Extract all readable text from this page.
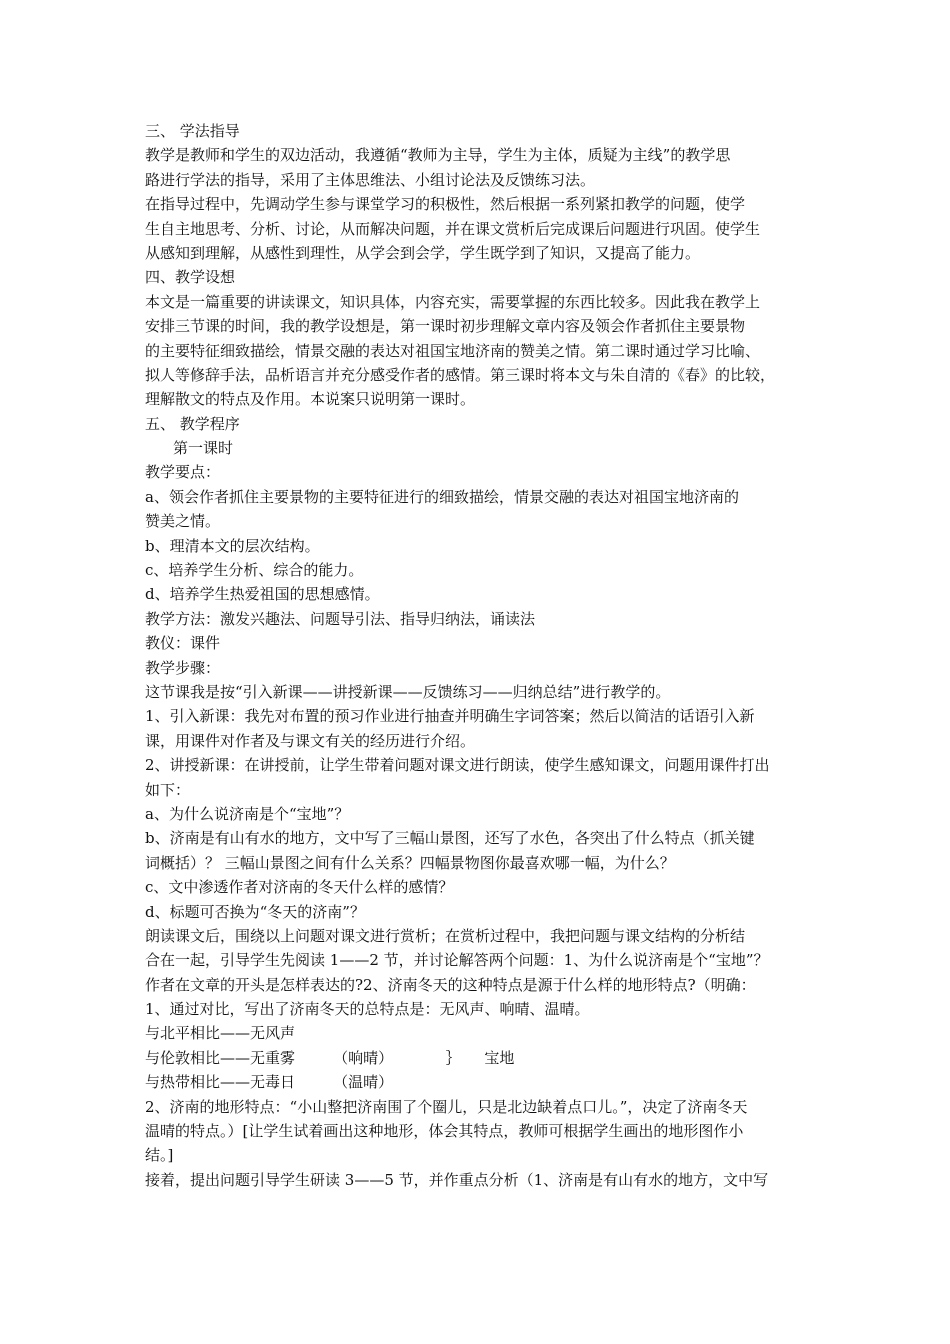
三、 学法指导
教学是教师和学生的双边活动，我遵循“教师为主导，学生为主体，质疑为主线”的教学思
路进行学法的指导，采用了主体思维法、小组讨论法及反馈练习法。
在指导过程中，先调动学生参与课堂学习的积极性，然后根据一系列紧扣教学的问题，使学
生自主地思考、分析、讨论，从而解决问题，并在课文赏析后完成课后问题进行巩固。使学生
从感知到理解，从感性到理性，从学会到会学，学生既学到了知识，又提高了能力。
四、教学设想
本文是一篇重要的讲读课文，知识具体，内容充实，需要掌握的东西比较多。因此我在教学上
安排三节课的时间，我的教学设想是，第一课时初步理解文章内容及领会作者抓住主要景物
的主要特征细致描绘，情景交融的表达对祖国宝地济南的赞美之情。第二课时通过学习比喻、
拟人等修辞手法，品析语言并充分感受作者的感情。第三课时将本文与朱自清的《春》的比较，
理解散文的特点及作用。本说案只说明第一课时。
五、 教学程序
第一课时
教学要点：
a、领会作者抓住主要景物的主要特征进行的细致描绘，情景交融的表达对祖国宝地济南的
赞美之情。
b、理清本文的层次结构。
c、培养学生分析、综合的能力。
d、培养学生热爱祖国的思想感情。
教学方法：激发兴趣法、问题导引法、指导归纳法，诵读法
教仪：课件
教学步骤：
这节课我是按“引入新课——讲授新课——反馈练习——归纳总结”进行教学的。
1、引入新课：我先对布置的预习作业进行抽查并明确生字词答案；然后以简洁的话语引入新
课，用课件对作者及与课文有关的经历进行介绍。
2、讲授新课：在讲授前，让学生带着问题对课文进行朗读，使学生感知课文，问题用课件打出
如下：
a、为什么说济南是个“宝地”？
b、济南是有山有水的地方，文中写了三幅山景图，还写了水色，各突出了什么特点（抓关键
词概括）？ 三幅山景图之间有什么关系？四幅景物图你最喜欢哪一幅，为什么？
c、文中渗透作者对济南的冬天什么样的感情？
d、标题可否换为“冬天的济南”？
朗读课文后，围绕以上问题对课文进行赏析；在赏析过程中，我把问题与课文结构的分析结
合在一起，引导学生先阅读 1——2 节，并讨论解答两个问题：1、为什么说济南是个“宝地”？
作者在文章的开头是怎样表达的?2、济南冬天的这种特点是源于什么样的地形特点?（明确：
1、通过对比，写出了济南冬天的总特点是：无风声、响晴、温晴。
与北平相比——无风声
与伦敦相比——无重雾        （响晴）           ｝     宝地
与热带相比——无毒日        （温晴）
2、济南的地形特点：“小山整把济南围了个圈儿，只是北边缺着点口儿。”，决定了济南冬天
温晴的特点。）[让学生试着画出这种地形，体会其特点，教师可根据学生画出的地形图作小
结。]
接着，提出问题引导学生研读 3——5 节，并作重点分析（1、济南是有山有水的地方，文中写
